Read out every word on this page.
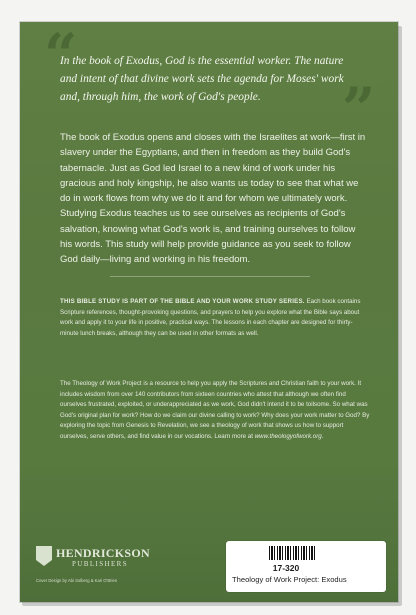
“

In the book of Exodus, God is the essential worker. The nature and intent of that divine work sets the agenda for Moses' work and, through him, the work of God's people.	”

The book of Exodus opens and closes with the Israelites at work—first in slavery under the Egyptians, and then in freedom as they build God's tabernacle. Just as God led Israel to a new kind of work under his gracious and holy kingship, he also wants us today to see that what we do in work flows from why we do it and for whom we ultimately work. Studying Exodus teaches us to see ourselves as recipients of God's salvation, knowing what God's work is, and training ourselves to follow his words. This study will help provide guidance as you seek to follow God daily—living and working in his freedom.

THIS BIBLE STUDY IS PART OF THE BIBLE AND YOUR WORK STUDY SERIES. Each book contains Scripture references, thought-provoking questions, and prayers to help you explore what the Bible says about work and apply it to your life in positive, practical ways. The lessons in each chapter are designed for thirty-minute lunch breaks, although they can be used in other formats as well.

The Theology of Work Project is a resource to help you apply the Scriptures and Christian faith to your work. It includes wisdom from over 140 contributors from sixteen countries who attest that although we often find ourselves frustrated, exploited, or underappreciated as we work, God didn't intend it to be toilsome. So what was God's original plan for work? How do we claim our divine calling to work? Why does your work matter to God? By exploring the topic from Genesis to Revelation, we see a theology of work that shows us how to support ourselves, serve others, and find value in our vocations. Learn more at www.theologyofwork.org.

HENDRICKSON
PUBLISHERS
Cover Design by Abi Solberg & Kari O'Brien
17-320
Theology of Work Project: Exodus
